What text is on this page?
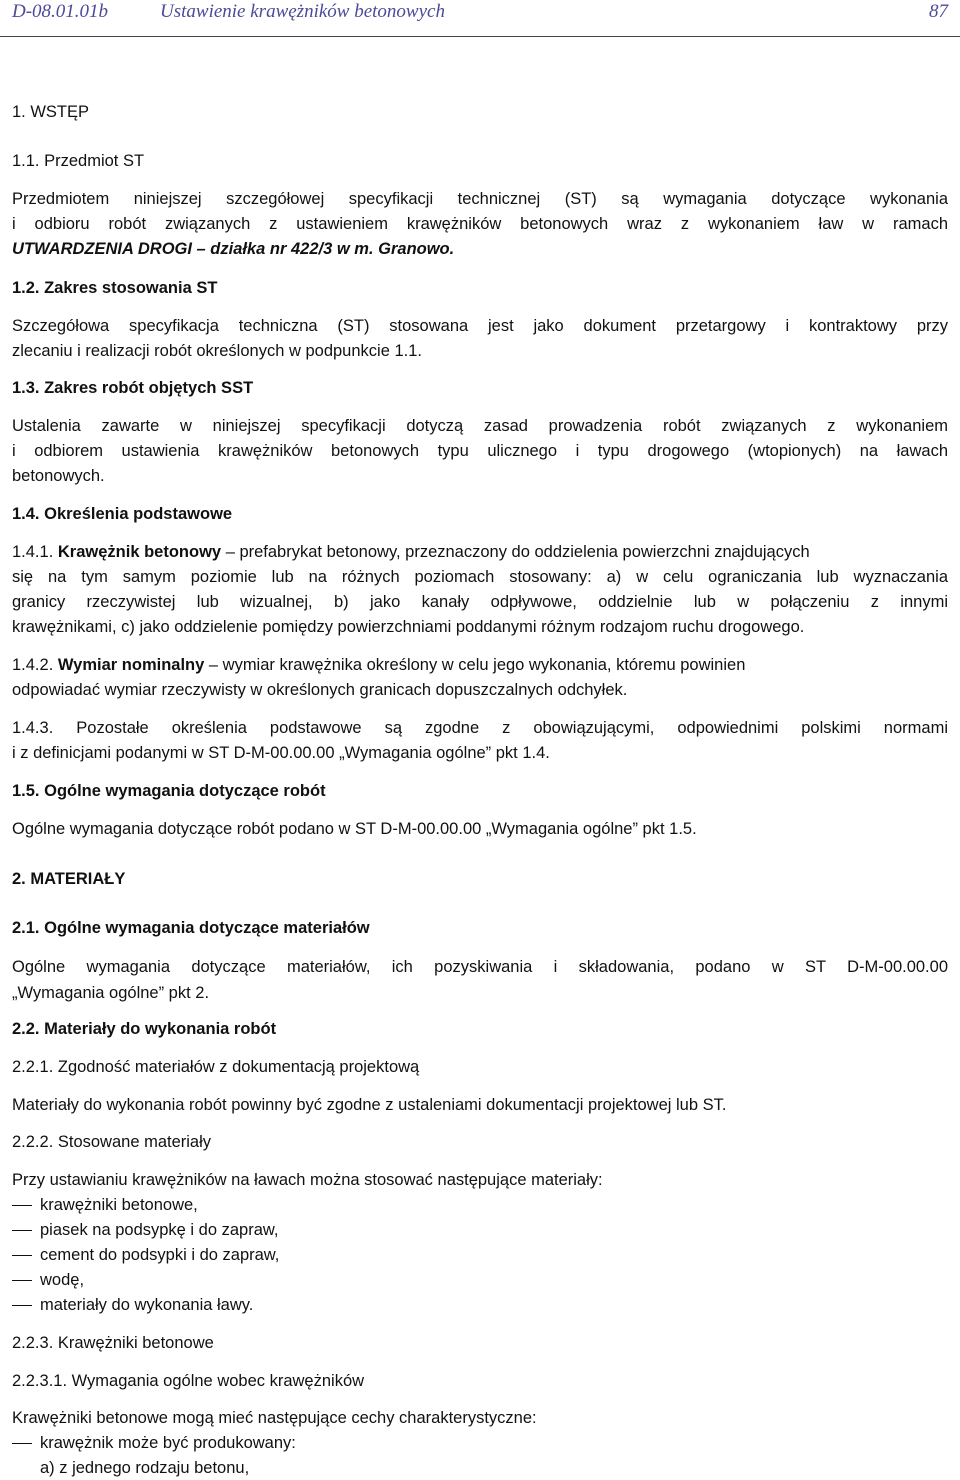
D-08.01.01b	Ustawienie krawężników betonowych	87
1. WSTĘP
1.1. Przedmiot ST
Przedmiotem niniejszej szczegółowej specyfikacji technicznej (ST) są wymagania dotyczące wykonania
i odbioru robót związanych z ustawieniem krawężników betonowych wraz z wykonaniem ław w ramach
UTWARDZENIA DROGI – działka nr 422/3 w m. Granowo.
1.2. Zakres stosowania ST
Szczegółowa specyfikacja techniczna (ST) stosowana jest jako dokument przetargowy i kontraktowy przy
zlecaniu i realizacji robót określonych w podpunkcie 1.1.
1.3. Zakres robót objętych SST
Ustalenia zawarte w niniejszej specyfikacji dotyczą zasad prowadzenia robót związanych z wykonaniem
i odbiorem ustawienia krawężników betonowych typu ulicznego i typu drogowego (wtopionych) na ławach
betonowych.
1.4. Określenia podstawowe
1.4.1. Krawężnik betonowy – prefabrykat betonowy, przeznaczony do oddzielenia powierzchni znajdujących
się na tym samym poziomie lub na różnych poziomach stosowany: a) w celu ograniczania lub wyznaczania
granicy rzeczywistej lub wizualnej, b) jako kanały odpływowe, oddzielnie lub w połączeniu z innymi
krawężnikami, c) jako oddzielenie pomiędzy powierzchniami poddanymi różnym rodzajom ruchu drogowego.
1.4.2. Wymiar nominalny – wymiar krawężnika określony w celu jego wykonania, któremu powinien
odpowiadać wymiar rzeczywisty w określonych granicach dopuszczalnych odchyłek.
1.4.3. Pozostałe określenia podstawowe są zgodne z obowiązującymi, odpowiednimi polskimi normami
i z definicjami podanymi w ST D-M-00.00.00 „Wymagania ogólne” pkt 1.4.
1.5. Ogólne wymagania dotyczące robót
Ogólne wymagania dotyczące robót podano w ST D-M-00.00.00 „Wymagania ogólne” pkt 1.5.
2. MATERIAŁY
2.1. Ogólne wymagania dotyczące materiałów
Ogólne wymagania dotyczące materiałów, ich pozyskiwania i składowania, podano w ST D-M-00.00.00
„Wymagania ogólne” pkt 2.
2.2. Materiały do wykonania robót
2.2.1. Zgodność materiałów z dokumentacją projektową
Materiały do wykonania robót powinny być zgodne z ustaleniami dokumentacji projektowej lub ST.
2.2.2. Stosowane materiały
Przy ustawianiu krawężników na ławach można stosować następujące materiały:
krawężniki betonowe,
piasek na podsypkę i do zapraw,
cement do podsypki i do zapraw,
wodę,
materiały do wykonania ławy.
2.2.3. Krawężniki betonowe
2.2.3.1. Wymagania ogólne wobec krawężników
Krawężniki betonowe mogą mieć następujące cechy charakterystyczne:
krawężnik może być produkowany:
a) z jednego rodzaju betonu,
